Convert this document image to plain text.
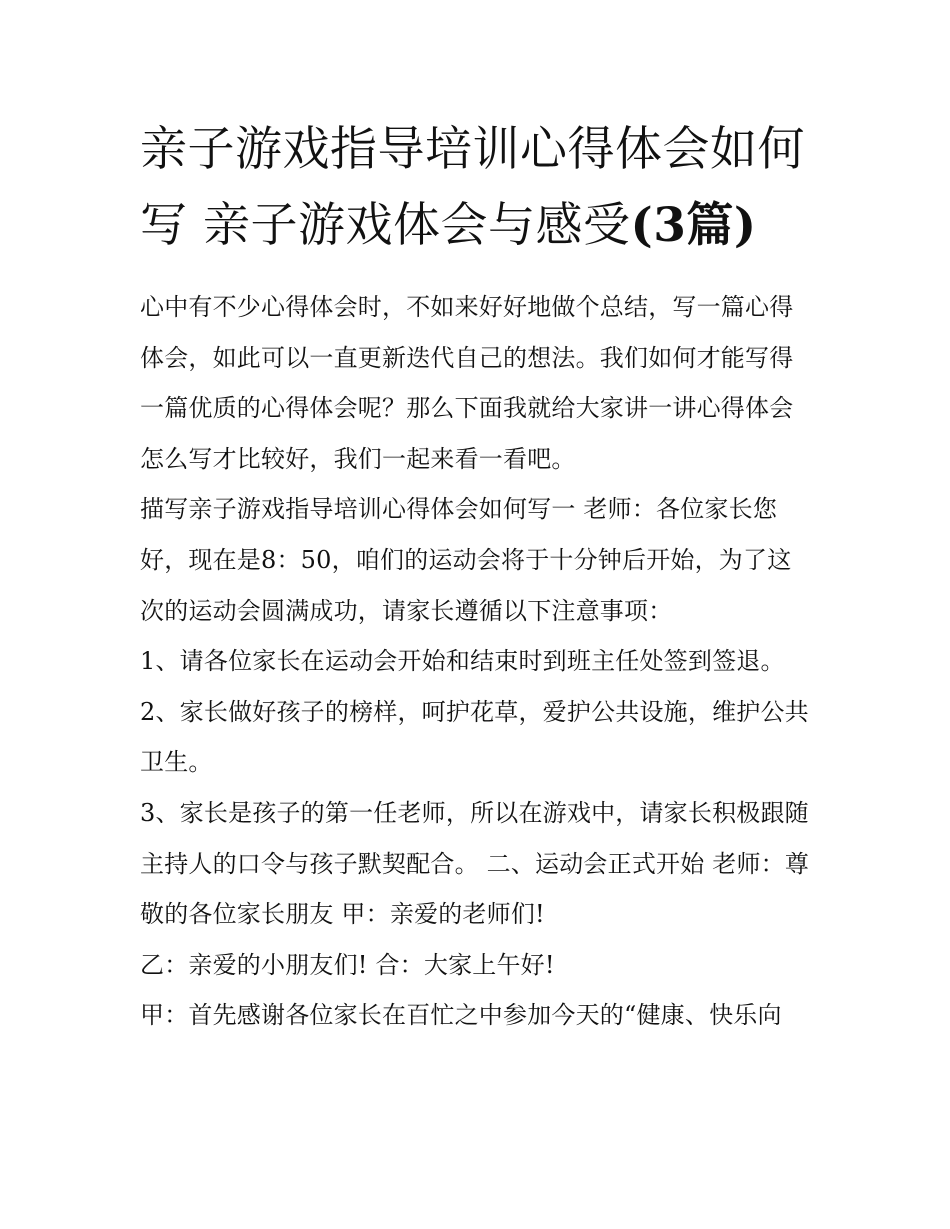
亲子游戏指导培训心得体会如何写 亲子游戏体会与感受(3篇)

心中有不少心得体会时，不如来好好地做个总结，写一篇心得体会，如此可以一直更新迭代自己的想法。我们如何才能写得一篇优质的心得体会呢？那么下面我就给大家讲一讲心得体会怎么写才比较好，我们一起来看一看吧。

描写亲子游戏指导培训心得体会如何写一 老师：各位家长您好，现在是8：50，咱们的运动会将于十分钟后开始，为了这次的运动会圆满成功，请家长遵循以下注意事项：

1、请各位家长在运动会开始和结束时到班主任处签到签退。

2、家长做好孩子的榜样，呵护花草，爱护公共设施，维护公共卫生。

3、家长是孩子的第一任老师，所以在游戏中，请家长积极跟随主持人的口令与孩子默契配合。 二、运动会正式开始 老师：尊敬的各位家长朋友 甲：亲爱的老师们!

乙：亲爱的小朋友们! 合：大家上午好!

甲：首先感谢各位家长在百忙之中参加今天的“健康、快乐向
